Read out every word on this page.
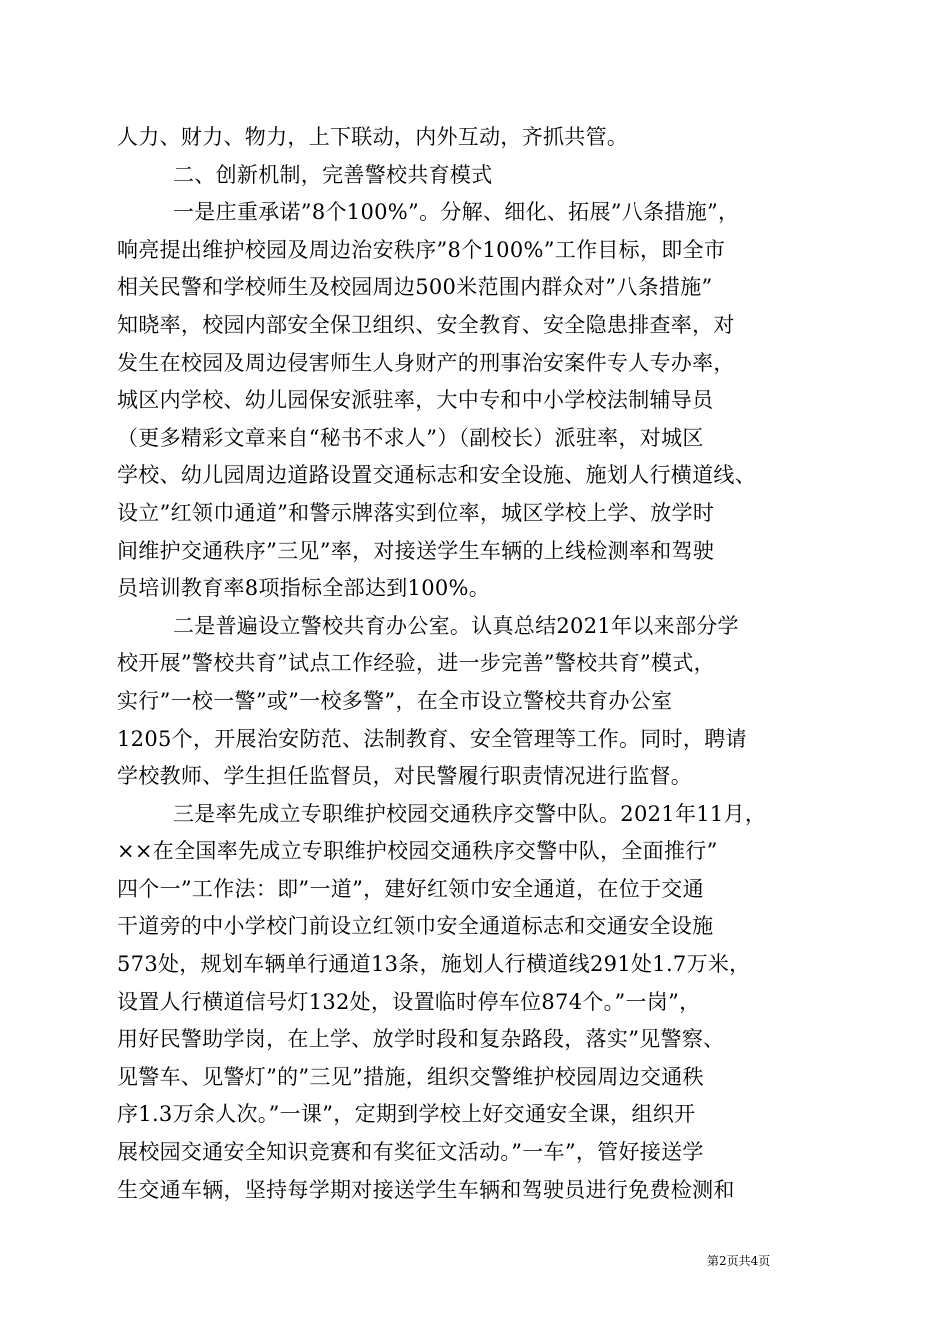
人力、财力、物力，上下联动，内外互动，齐抓共管。
二、创新机制，完善警校共育模式
一是庄重承诺”8个100%”。分解、细化、拓展”八条措施”，
响亮提出维护校园及周边治安秩序”8个100%”工作目标，即全市
相关民警和学校师生及校园周边500米范围内群众对”八条措施”
知晓率，校园内部安全保卫组织、安全教育、安全隐患排查率，对
发生在校园及周边侵害师生人身财产的刑事治安案件专人专办率，
城区内学校、幼儿园保安派驻率，大中专和中小学校法制辅导员
（更多精彩文章来自“秘书不求人”）（副校长）派驻率，对城区
学校、幼儿园周边道路设置交通标志和安全设施、施划人行横道线、
设立”红领巾通道”和警示牌落实到位率，城区学校上学、放学时
间维护交通秩序”三见”率，对接送学生车辆的上线检测率和驾驶
员培训教育率8项指标全部达到100%。
二是普遍设立警校共育办公室。认真总结2021年以来部分学
校开展”警校共育”试点工作经验，进一步完善”警校共育”模式，
实行”一校一警”或”一校多警”，在全市设立警校共育办公室
1205个，开展治安防范、法制教育、安全管理等工作。同时，聘请
学校教师、学生担任监督员，对民警履行职责情况进行监督。
三是率先成立专职维护校园交通秩序交警中队。2021年11月，
××在全国率先成立专职维护校园交通秩序交警中队，全面推行”
四个一”工作法：即”一道”，建好红领巾安全通道，在位于交通
干道旁的中小学校门前设立红领巾安全通道标志和交通安全设施
573处，规划车辆单行通道13条，施划人行横道线291处1.7万米，
设置人行横道信号灯132处，设置临时停车位874个。”一岗”，
用好民警助学岗，在上学、放学时段和复杂路段，落实”见警察、
见警车、见警灯”的”三见”措施，组织交警维护校园周边交通秩
序1.3万余人次。”一课”，定期到学校上好交通安全课，组织开
展校园交通安全知识竞赛和有奖征文活动。”一车”，管好接送学
生交通车辆，坚持每学期对接送学生车辆和驾驶员进行免费检测和
第2页共4页
